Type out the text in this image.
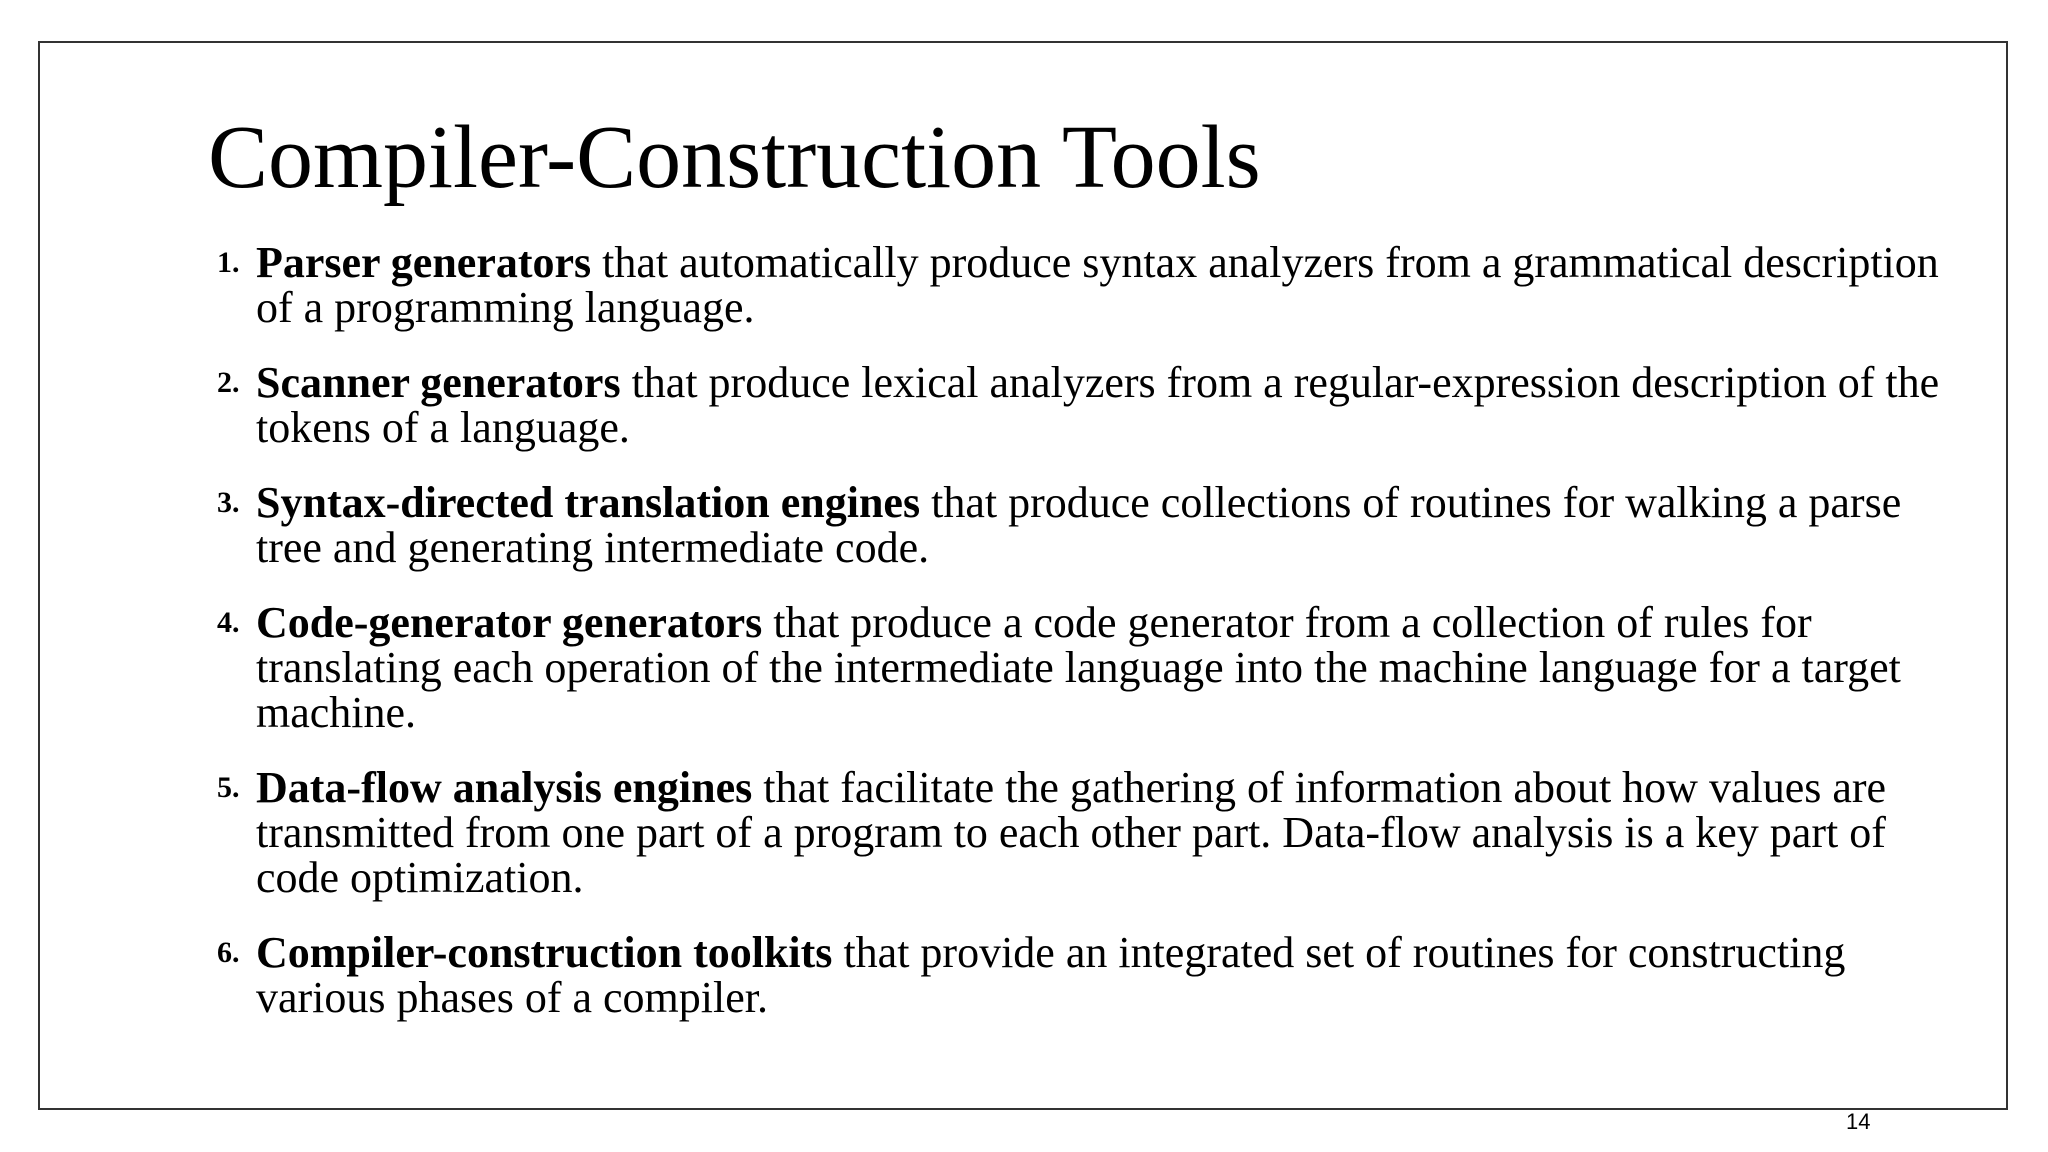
Compiler-Construction Tools
1. Parser generators that automatically produce syntax analyzers from a grammatical description of a programming language.
2. Scanner generators that produce lexical analyzers from a regular-expression description of the tokens of a language.
3. Syntax-directed translation engines that produce collections of routines for walking a parse tree and generating intermediate code.
4. Code-generator generators that produce a code generator from a collection of rules for translating each operation of the intermediate language into the machine language for a target machine.
5. Data-flow analysis engines that facilitate the gathering of information about how values are transmitted from one part of a program to each other part. Data-flow analysis is a key part of code optimization.
6. Compiler-construction toolkits that provide an integrated set of routines for constructing various phases of a compiler.
14
